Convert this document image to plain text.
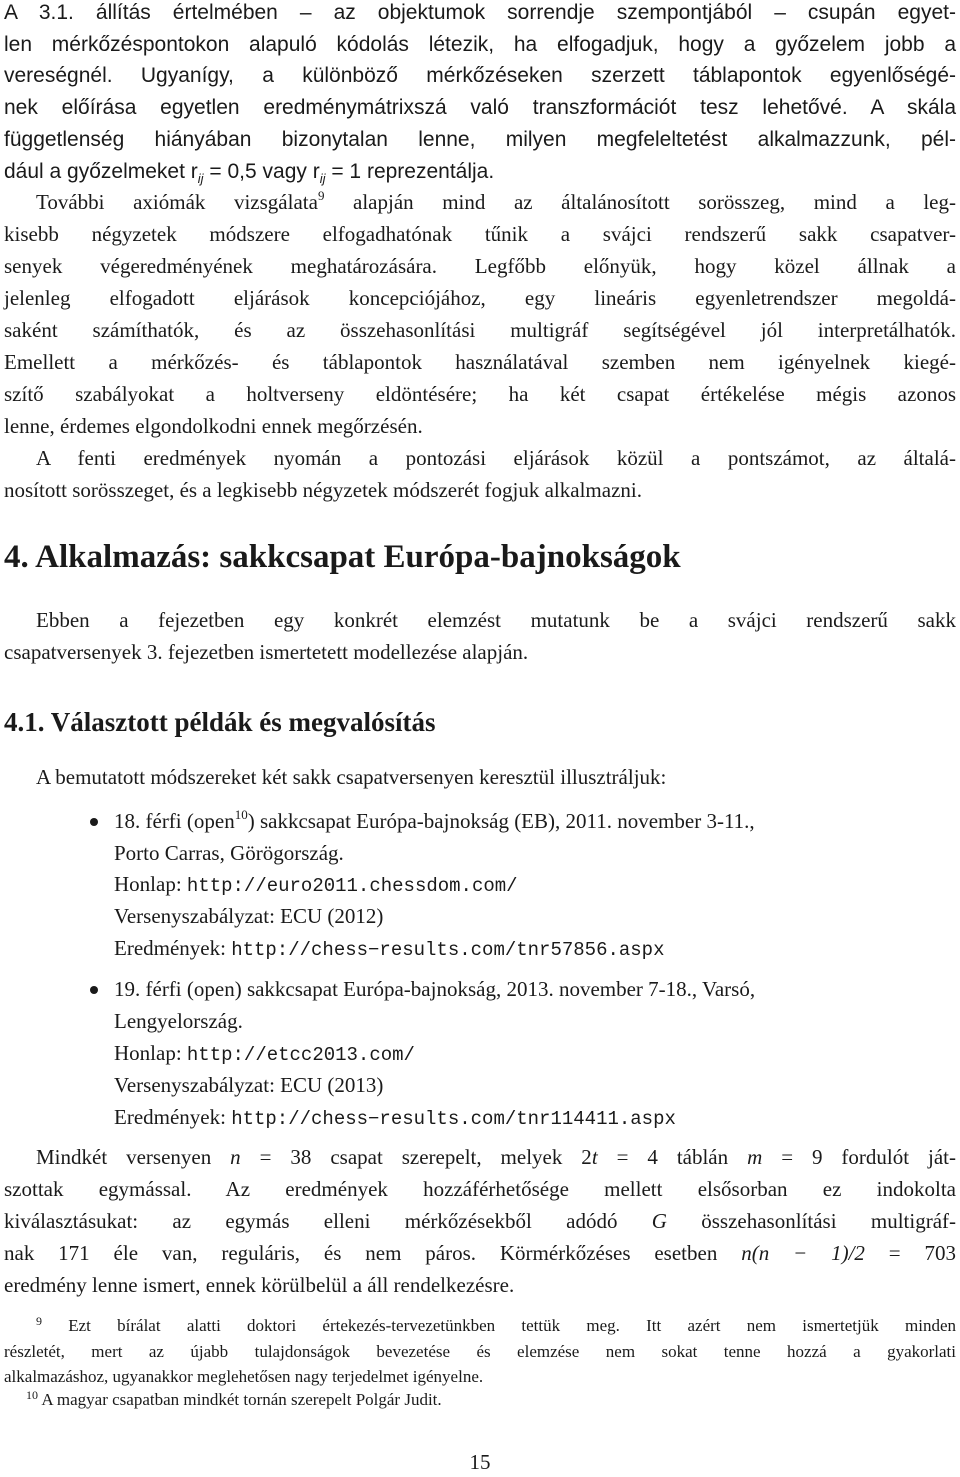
A 3.1. állítás értelmében – az objektumok sorrendje szempontjából – csupán egyet-
len mérkőzéspontokon alapuló kódolás létezik, ha elfogadjuk, hogy a győzelem jobb a
vereségnél. Ugyanígy, a különböző mérkőzéseken szerzett táblapontok egyenlőségé-
nek előírása egyetlen eredménymátrixszá való transzformációt tesz lehetővé. A skála
függetlenség hiányában bizonytalan lenne, milyen megfeleltetést alkalmazzunk, pél-
dául a győzelmeket $r_{ij} = 0,5$ vagy $r_{ij} = 1$ reprezentálja.
További axiómák vizsgálata$^9$ alapján mind az általánosított sorösszeg, mind a leg-
kisebb négyzetek módszere elfogadhatónak tűnik a svájci rendszerű sakk csapatver-
senyek végeredményének meghatározására. Legfőbb előnyük, hogy közel állnak a
jelenleg elfogadott eljárások koncepciójához, egy lineáris egyenletrendszer megoldá-
saként számíthatók, és az összehasonlítási multigráf segítségével jól interpretálhatók.
Emellett a mérkőzés- és táblapontok használatával szemben nem igényelnek kiegé-
szítő szabályokat a holtverseny eldöntésére; ha két csapat értékelése mégis azonos
lenne, érdemes elgondolkodni ennek megőrzésén.
A fenti eredmények nyomán a pontozási eljárások közül a pontszámot, az általá-
nosított sorösszeget, és a legkisebb négyzetek módszerét fogjuk alkalmazni.
4. Alkalmazás: sakkcsapat Európa-bajnokságok
Ebben a fejezetben egy konkrét elemzést mutatunk be a svájci rendszerű sakk
csapatversenyek 3. fejezetben ismertetett modellezése alapján.
4.1. Választott példák és megvalósítás
A bemutatott módszereket két sakk csapatversenyen keresztül illusztráljuk:
18. férfi (open$^{10}$) sakkcsapat Európa-bajnokság (EB), 2011. november 3-11.,
Porto Carras, Görögország.
Honlap: http://euro2011.chessdom.com/
Versenyszabályzat: ECU (2012)
Eredmények: http://chess−results.com/tnr57856.aspx
19. férfi (open) sakkcsapat Európa-bajnokság, 2013. november 7-18., Varsó,
Lengyelország.
Honlap: http://etcc2013.com/
Versenyszabályzat: ECU (2013)
Eredmények: http://chess−results.com/tnr114411.aspx
Mindkét versenyen n = 38 csapat szerepelt, melyek 2t = 4 táblán m = 9 fordulót ját-
szottak egymással. Az eredmények hozzáférhetősége mellett elsősorban ez indokolta
kiválasztásukat: az egymás elleni mérkőzésekből adódó G összehasonlítási multigráf-
nak 171 éle van, reguláris, és nem páros. Körmérkőzéses esetben n(n − 1)/2 = 703
eredmény lenne ismert, ennek körülbelül a áll rendelkezésre.
$^9$ Ezt bírálat alatti doktori értekezés-tervezetünkben tettük meg. Itt azért nem ismertetjük minden
részletét, mert az újabb tulajdonságok bevezetése és elemzése nem sokat tenne hozzá a gyakorlati
alkalmazáshoz, ugyanakkor meglehetősen nagy terjedelmet igényelne.
$^{10}$ A magyar csapatban mindkét tornán szerepelt Polgár Judit.
15
